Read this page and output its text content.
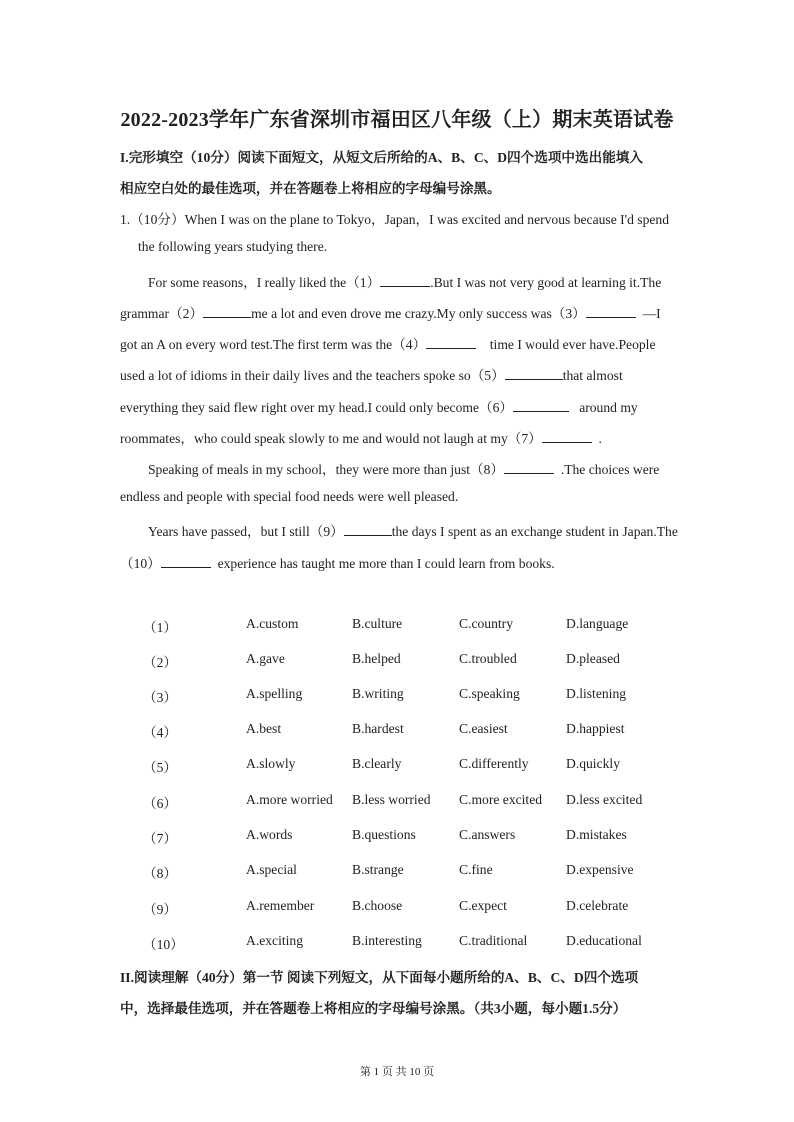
2022-2023学年广东省深圳市福田区八年级（上）期末英语试卷
I.完形填空（10分）阅读下面短文，从短文后所给的A、B、C、D四个选项中选出能填入
相应空白处的最佳选项，并在答题卷上将相应的字母编号涂黑。
1.（10分）When I was on the plane to Tokyo，Japan，I was excited and nervous because I'd spend
the following years studying there.
For some reasons，I really liked the（1）	.But I was not very good at learning it.The
grammar（2）	me a lot and even drove me crazy.My only success was（3）	—I
got an A on every word test.The first term was the（4）	time I would ever have.People
used a lot of idioms in their daily lives and the teachers spoke so（5）	that almost
everything they said flew right over my head.I could only become（6）	around my
roommates，who could speak slowly to me and would not laugh at my（7）	.
Speaking of meals in my school，they were more than just（8）	.The choices were
endless and people with special food needs were well pleased.
Years have passed，but I still（9）	the days I spent as an exchange student in Japan.The
（10）	experience has taught me more than I could learn from books.
（1）	A.custom	B.culture	C.country	D.language
（2）	A.gave	B.helped	C.troubled	D.pleased
（3）	A.spelling	B.writing	C.speaking	D.listening
（4）	A.best	B.hardest	C.easiest	D.happiest
（5）	A.slowly	B.clearly	C.differently	D.quickly
（6）	A.more worried B.less worried C.more excited D.less excited
（7）	A.words	B.questions	C.answers	D.mistakes
（8）	A.special	B.strange	C.fine	D.expensive
（9）	A.remember	B.choose	C.expect	D.celebrate
（10）	A.exciting	B.interesting	C.traditional	D.educational
II.阅读理解（40分）第一节 阅读下列短文，从下面每小题所给的A、B、C、D四个选项
中，选择最佳选项，并在答题卷上将相应的字母编号涂黑。（共3小题，每小题1.5分）
第 1 页 共 10 页
